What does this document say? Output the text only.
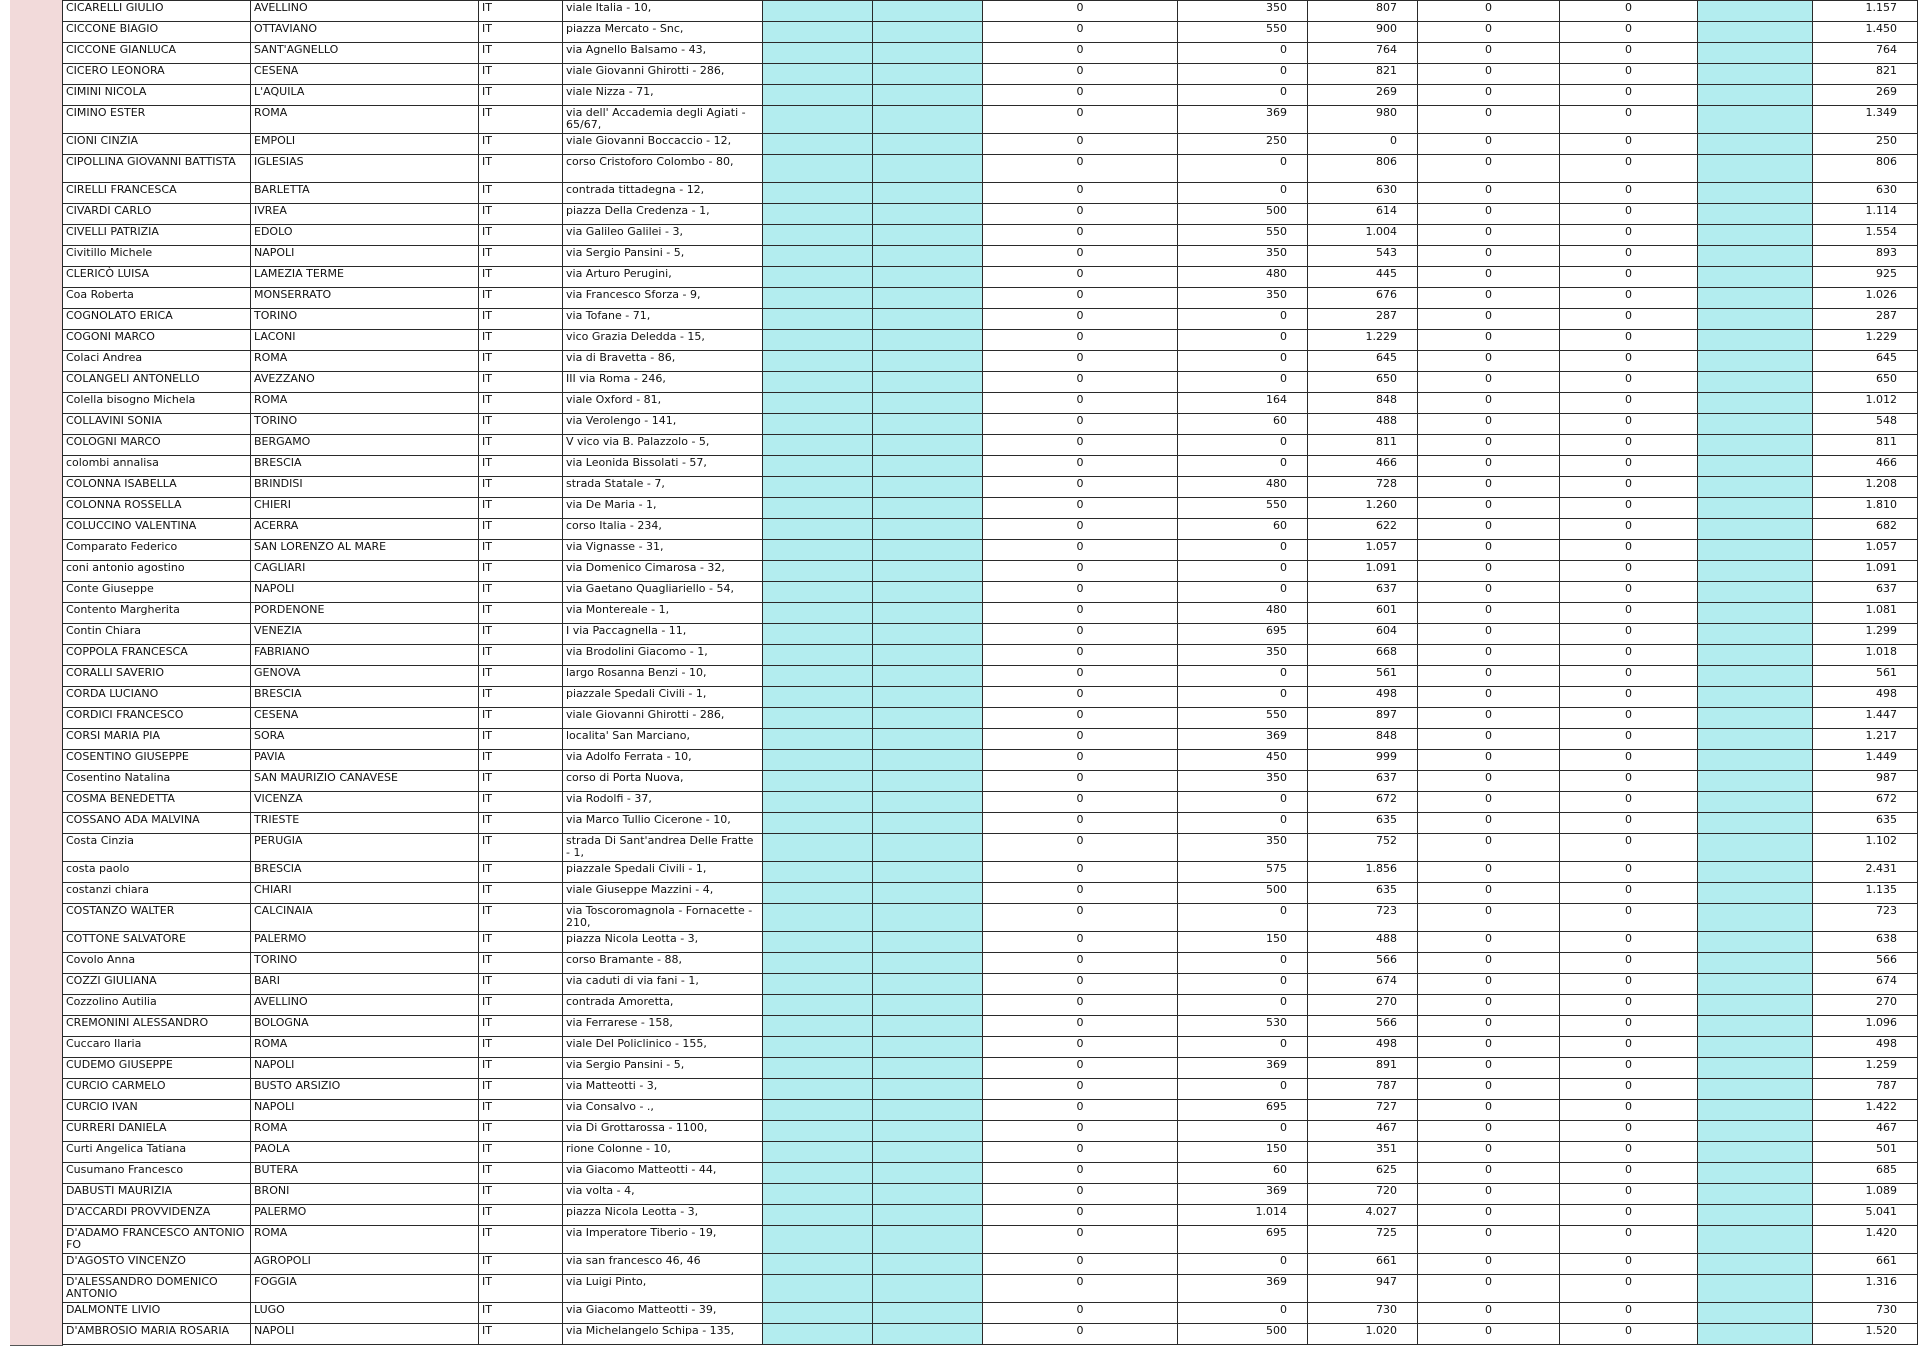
CICARELLI GIULIO	AVELLINO	IT	viale Italia - 10,			0	350	807	0	0		1.157
CICCONE BIAGIO	OTTAVIANO	IT	piazza Mercato - Snc,			0	550	900	0	0		1.450
CICCONE GIANLUCA	SANT'AGNELLO	IT	via Agnello Balsamo - 43,			0	0	764	0	0		764
CICERO LEONORA	CESENA	IT	viale Giovanni Ghirotti - 286,			0	0	821	0	0		821
CIMINI NICOLA	L'AQUILA	IT	viale Nizza - 71,			0	0	269	0	0		269
CIMINO ESTER	ROMA	IT	via dell' Accademia degli Agiati - 65/67,			0	369	980	0	0		1.349
CIONI CINZIA	EMPOLI	IT	viale Giovanni Boccaccio - 12,			0	250	0	0	0		250
CIPOLLINA GIOVANNI BATTISTA	IGLESIAS	IT	corso Cristoforo Colombo - 80,			0	0	806	0	0		806
CIRELLI FRANCESCA	BARLETTA	IT	contrada tittadegna - 12,			0	0	630	0	0		630
CIVARDI CARLO	IVREA	IT	piazza Della Credenza - 1,			0	500	614	0	0		1.114
CIVELLI PATRIZIA	EDOLO	IT	via Galileo Galilei - 3,			0	550	1.004	0	0		1.554
Civitillo Michele	NAPOLI	IT	via Sergio Pansini - 5,			0	350	543	0	0		893
CLERICÒ LUISA	LAMEZIA TERME	IT	via Arturo Perugini,			0	480	445	0	0		925
Coa Roberta	MONSERRATO	IT	via Francesco Sforza - 9,			0	350	676	0	0		1.026
COGNOLATO ERICA	TORINO	IT	via Tofane - 71,			0	0	287	0	0		287
COGONI MARCO	LACONI	IT	vico Grazia Deledda - 15,			0	0	1.229	0	0		1.229
Colaci Andrea	ROMA	IT	via di Bravetta - 86,			0	0	645	0	0		645
COLANGELI ANTONELLO	AVEZZANO	IT	III via Roma - 246,			0	0	650	0	0		650
Colella bisogno Michela	ROMA	IT	viale Oxford - 81,			0	164	848	0	0		1.012
COLLAVINI SONIA	TORINO	IT	via Verolengo - 141,			0	60	488	0	0		548
COLOGNI MARCO	BERGAMO	IT	V vico via B. Palazzolo - 5,			0	0	811	0	0		811
colombi annalisa	BRESCIA	IT	via Leonida Bissolati - 57,			0	0	466	0	0		466
COLONNA ISABELLA	BRINDISI	IT	strada Statale - 7,			0	480	728	0	0		1.208
COLONNA ROSSELLA	CHIERI	IT	via De Maria - 1,			0	550	1.260	0	0		1.810
COLUCCINO VALENTINA	ACERRA	IT	corso Italia - 234,			0	60	622	0	0		682
Comparato Federico	SAN LORENZO AL MARE	IT	via Vignasse - 31,			0	0	1.057	0	0		1.057
coni antonio agostino	CAGLIARI	IT	via Domenico Cimarosa - 32,			0	0	1.091	0	0		1.091
Conte Giuseppe	NAPOLI	IT	via Gaetano Quagliariello - 54,			0	0	637	0	0		637
Contento Margherita	PORDENONE	IT	via Montereale - 1,			0	480	601	0	0		1.081
Contin Chiara	VENEZIA	IT	I via Paccagnella - 11,			0	695	604	0	0		1.299
COPPOLA FRANCESCA	FABRIANO	IT	via Brodolini Giacomo - 1,			0	350	668	0	0		1.018
CORALLI SAVERIO	GENOVA	IT	largo Rosanna Benzi - 10,			0	0	561	0	0		561
CORDA LUCIANO	BRESCIA	IT	piazzale Spedali Civili - 1,			0	0	498	0	0		498
CORDICI FRANCESCO	CESENA	IT	viale Giovanni Ghirotti - 286,			0	550	897	0	0		1.447
CORSI MARIA PIA	SORA	IT	localita' San Marciano,			0	369	848	0	0		1.217
COSENTINO GIUSEPPE	PAVIA	IT	via Adolfo Ferrata - 10,			0	450	999	0	0		1.449
Cosentino Natalina	SAN MAURIZIO CANAVESE	IT	corso di Porta Nuova,			0	350	637	0	0		987
COSMA BENEDETTA	VICENZA	IT	via Rodolfi - 37,			0	0	672	0	0		672
COSSANO ADA MALVINA	TRIESTE	IT	via Marco Tullio Cicerone - 10,			0	0	635	0	0		635
Costa Cinzia	PERUGIA	IT	strada Di Sant'andrea Delle Fratte - 1,			0	350	752	0	0		1.102
costa paolo	BRESCIA	IT	piazzale Spedali Civili - 1,			0	575	1.856	0	0		2.431
costanzi chiara	CHIARI	IT	viale Giuseppe Mazzini - 4,			0	500	635	0	0		1.135
COSTANZO WALTER	CALCINAIA	IT	via Toscoromagnola - Fornacette - 210,			0	0	723	0	0		723
COTTONE SALVATORE	PALERMO	IT	piazza Nicola Leotta - 3,			0	150	488	0	0		638
Covolo Anna	TORINO	IT	corso Bramante - 88,			0	0	566	0	0		566
COZZI GIULIANA	BARI	IT	via caduti di via fani - 1,			0	0	674	0	0		674
Cozzolino Autilia	AVELLINO	IT	contrada Amoretta,			0	0	270	0	0		270
CREMONINI ALESSANDRO	BOLOGNA	IT	via Ferrarese - 158,			0	530	566	0	0		1.096
Cuccaro Ilaria	ROMA	IT	viale Del Policlinico - 155,			0	0	498	0	0		498
CUDEMO GIUSEPPE	NAPOLI	IT	via Sergio Pansini - 5,			0	369	891	0	0		1.259
CURCIO CARMELO	BUSTO ARSIZIO	IT	via Matteotti - 3,			0	0	787	0	0		787
CURCIO IVAN	NAPOLI	IT	via Consalvo - .,			0	695	727	0	0		1.422
CURRERI DANIELA	ROMA	IT	via Di Grottarossa - 1100,			0	0	467	0	0		467
Curti Angelica Tatiana	PAOLA	IT	rione Colonne - 10,			0	150	351	0	0		501
Cusumano Francesco	BUTERA	IT	via Giacomo Matteotti - 44,			0	60	625	0	0		685
DABUSTI MAURIZIA	BRONI	IT	via volta - 4,			0	369	720	0	0		1.089
D'ACCARDI PROVVIDENZA	PALERMO	IT	piazza Nicola Leotta - 3,			0	1.014	4.027	0	0		5.041
D'ADAMO FRANCESCO ANTONIO FO	ROMA	IT	via Imperatore Tiberio - 19,			0	695	725	0	0		1.420
D'AGOSTO VINCENZO	AGROPOLI	IT	via san francesco 46, 46			0	0	661	0	0		661
D'ALESSANDRO DOMENICO ANTONIO	FOGGIA	IT	via Luigi Pinto,			0	369	947	0	0		1.316
DALMONTE LIVIO	LUGO	IT	via Giacomo Matteotti - 39,			0	0	730	0	0		730
D'AMBROSIO MARIA ROSARIA	NAPOLI	IT	via Michelangelo Schipa - 135,			0	500	1.020	0	0		1.520
